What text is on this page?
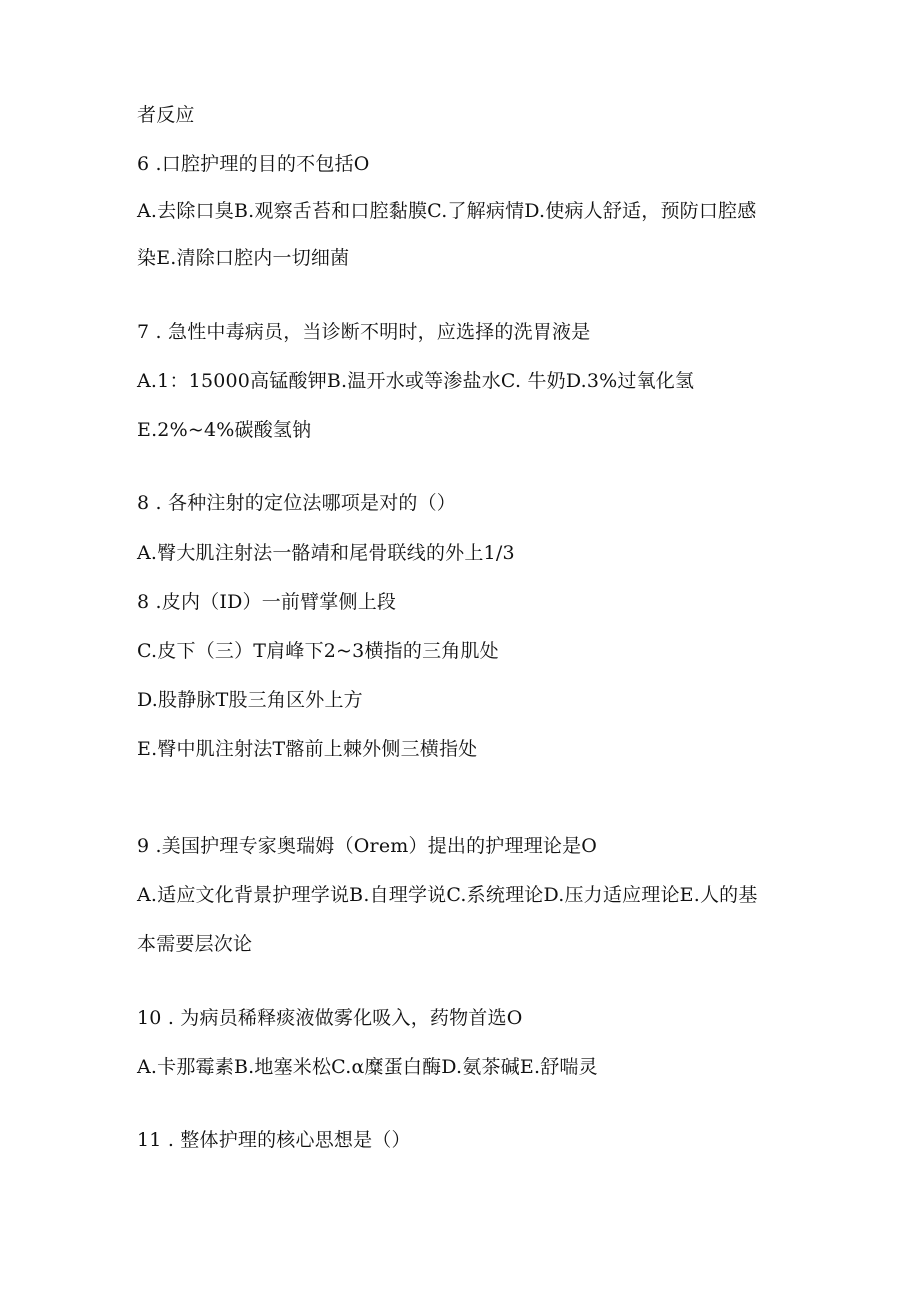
者反应
6 .口腔护理的目的不包括O
A.去除口臭B.观察舌苔和口腔黏膜C.了解病情D.使病人舒适，预防口腔感
染E.清除口腔内一切细菌
7 . 急性中毒病员，当诊断不明时，应选择的洗胃液是
A.1：15000高锰酸钾B.温开水或等渗盐水C. 牛奶D.3%过氧化氢
E.2%~4%碳酸氢钠
8 . 各种注射的定位法哪项是对的（）
A.臀大肌注射法一骼靖和尾骨联线的外上1/3
8 .皮内（ID）一前臂掌侧上段
C.皮下（三）T肩峰下2~3横指的三角肌处
D.股静脉T股三角区外上方
E.臀中肌注射法T髂前上棘外侧三横指处
9 .美国护理专家奥瑞姆（Orem）提出的护理理论是O
A.适应文化背景护理学说B.自理学说C.系统理论D.压力适应理论E.人的基
本需要层次论
10 . 为病员稀释痰液做雾化吸入，药物首选O
A.卡那霉素B.地塞米松C.α糜蛋白酶D.氨茶碱E.舒喘灵
11 . 整体护理的核心思想是（）
